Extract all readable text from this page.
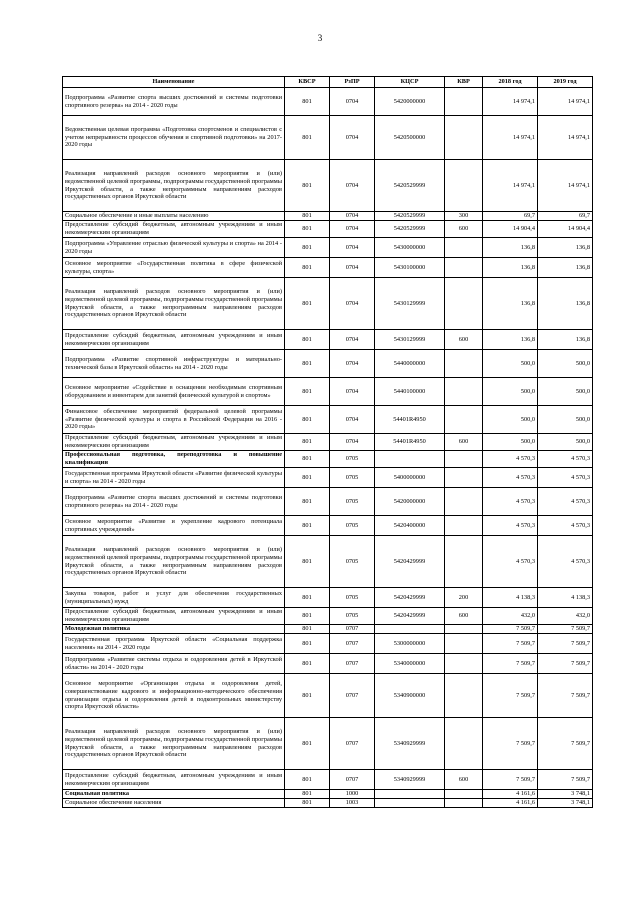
3
Наименование	КВСР	РзПР	КЦСР	КВР	2018 год	2019 год
Подпрограмма «Развитие спорта высших достижений и системы подготовки спортивного резерва» на 2014 - 2020 годы	801	0704	5420000000		14 974,1	14 974,1
Ведомственная целевая программа «Подготовка спортсменов и специалистов с учетом непрерывности процессов обучения и спортивной подготовки» на 2017-2020 годы	801	0704	5420500000		14 974,1	14 974,1
Реализация направлений расходов основного мероприятия и (или) ведомственной целевой программы, подпрограммы государственной программы Иркутской области, а также непрограммным направлениям расходов государственных органов Иркутской области	801	0704	5420529999		14 974,1	14 974,1
Социальное обеспечение и иные выплаты населению	801	0704	5420529999	300	69,7	69,7
Предоставление субсидий бюджетным, автономным учреждениям и иным некоммерческим организациям	801	0704	5420529999	600	14 904,4	14 904,4
Подпрограмма «Управление отраслью физической культуры и спорта» на 2014 - 2020 годы	801	0704	5430000000		136,8	136,8
Основное мероприятие «Государственная политика в сфере физической культуры, спорта»	801	0704	5430100000		136,8	136,8
Реализация направлений расходов основного мероприятия и (или) ведомственной целевой программы, подпрограммы государственной программы Иркутской области, а также непрограммным направлениям расходов государственных органов Иркутской области	801	0704	5430129999		136,8	136,8
Предоставление субсидий бюджетным, автономным учреждениям и иным некоммерческим организациям	801	0704	5430129999	600	136,8	136,8
Подпрограмма «Развитие спортивной инфраструктуры и материально-технической базы в Иркутской области» на 2014 - 2020 годы	801	0704	5440000000		500,0	500,0
Основное мероприятие «Содействие в оснащении необходимым спортивным оборудованием и инвентарем для занятий физической культурой и спортом»	801	0704	5440100000		500,0	500,0
Финансовое обеспечение мероприятий федеральной целевой программы «Развитие физической культуры и спорта в Российской Федерации на 2016 - 2020 годы»	801	0704	54401R4950		500,0	500,0
Предоставление субсидий бюджетным, автономным учреждениям и иным некоммерческим организациям	801	0704	54401R4950	600	500,0	500,0
Профессиональная подготовка, переподготовка и повышение квалификации	801	0705			4 570,3	4 570,3
Государственная программа Иркутской области «Развитие физической культуры и спорта» на 2014 - 2020 годы	801	0705	5400000000		4 570,3	4 570,3
Подпрограмма «Развитие спорта высших достижений и системы подготовки спортивного резерва» на 2014 - 2020 годы	801	0705	5420000000		4 570,3	4 570,3
Основное мероприятие «Развитие и укрепление кадрового потенциала спортивных учреждений»	801	0705	5420400000		4 570,3	4 570,3
Реализация направлений расходов основного мероприятия и (или) ведомственной целевой программы, подпрограммы государственной программы Иркутской области, а также непрограммным направлениям расходов государственных органов Иркутской области	801	0705	5420429999		4 570,3	4 570,3
Закупка товаров, работ и услуг для обеспечения государственных (муниципальных) нужд	801	0705	5420429999	200	4 138,3	4 138,3
Предоставление субсидий бюджетным, автономным учреждениям и иным некоммерческим организациям	801	0705	5420429999	600	432,0	432,0
Молодежная политика	801	0707			7 509,7	7 509,7
Государственная программа Иркутской области «Социальная поддержка населения» на 2014 - 2020 годы	801	0707	5300000000		7 509,7	7 509,7
Подпрограмма «Развитие системы отдыха и оздоровления детей в Иркутской области» на 2014 - 2020 годы	801	0707	5340000000		7 509,7	7 509,7
Основное мероприятие «Организация отдыха и оздоровления детей, совершенствование кадрового и информационно-методического обеспечения организации отдыха и оздоровления детей в подконтрольных министерству спорта Иркутской области»	801	0707	5340900000		7 509,7	7 509,7
Реализация направлений расходов основного мероприятия и (или) ведомственной целевой программы, подпрограммы государственной программы Иркутской области, а также непрограммным направлениям расходов государственных органов Иркутской области	801	0707	5340929999		7 509,7	7 509,7
Предоставление субсидий бюджетным, автономным учреждениям и иным некоммерческим организациям	801	0707	5340929999	600	7 509,7	7 509,7
Социальная политика	801	1000			4 161,6	3 748,1
Социальное обеспечение населения	801	1003			4 161,6	3 748,1
